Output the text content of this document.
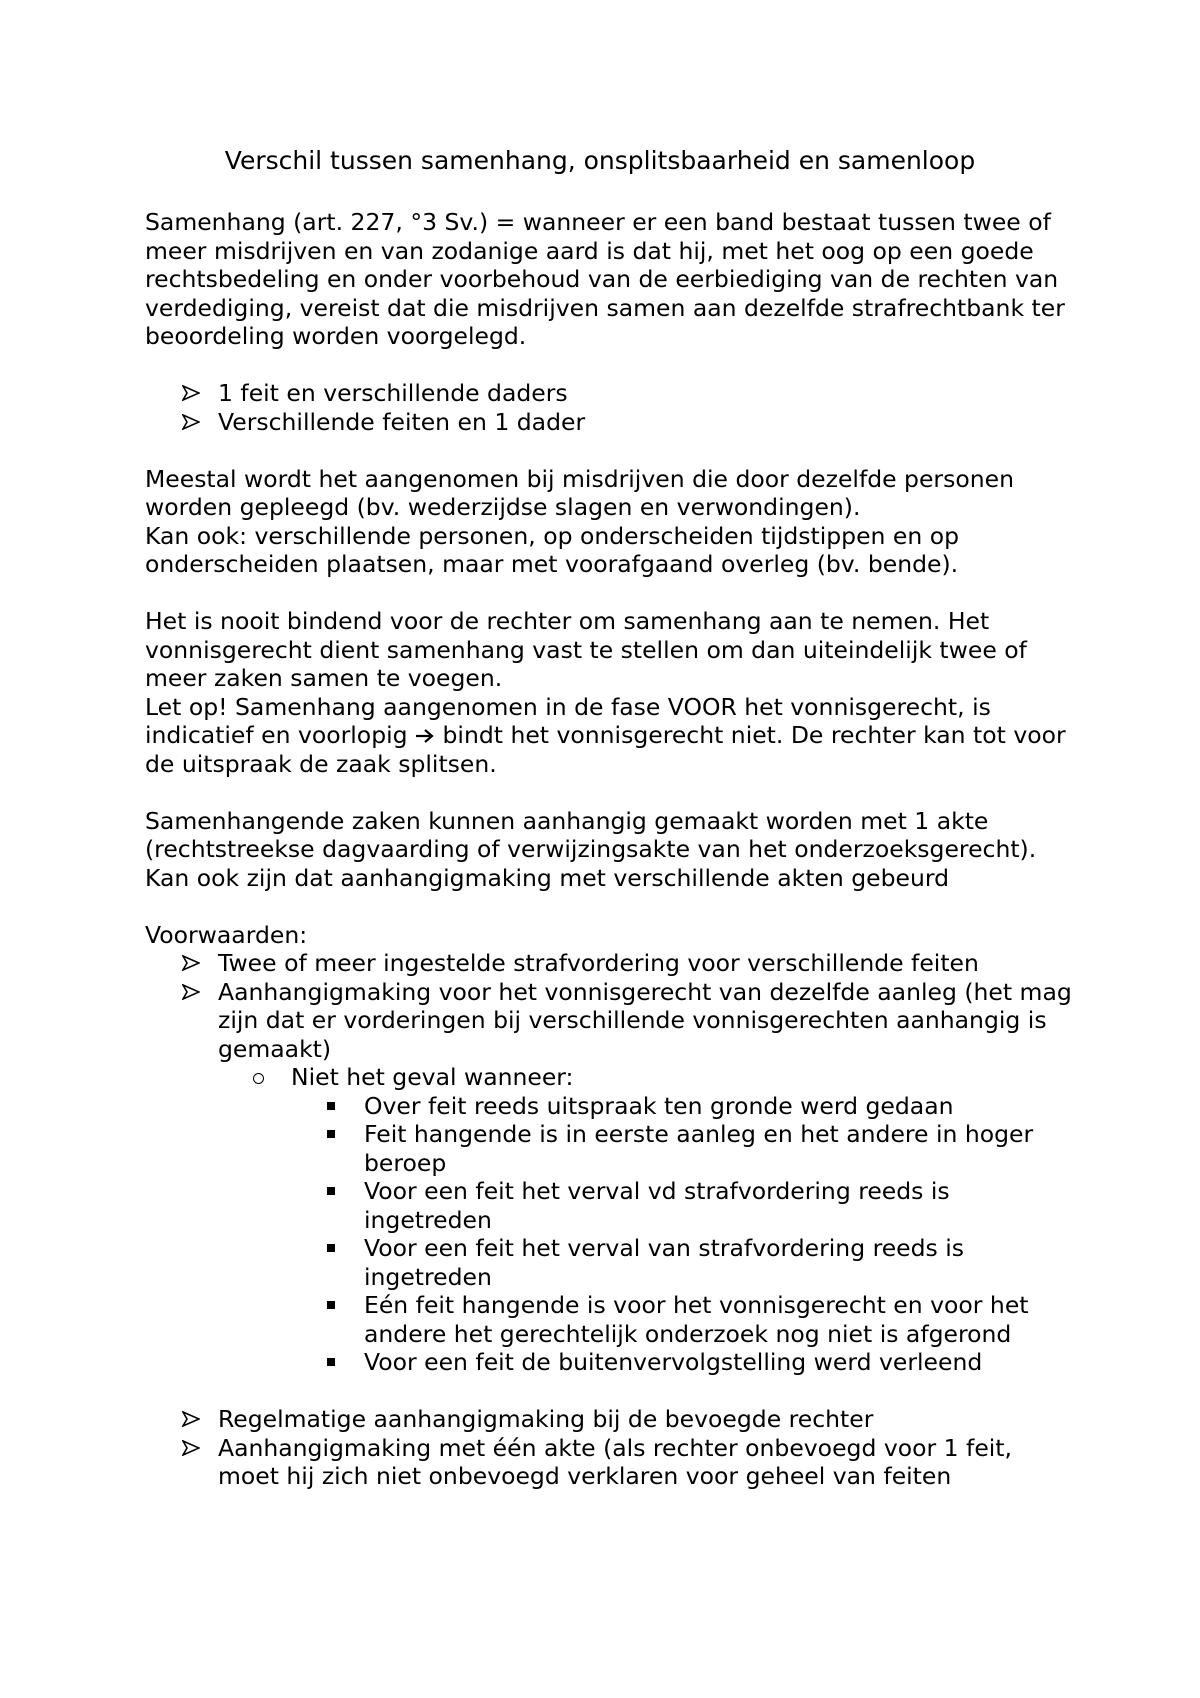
Verschil tussen samenhang, onsplitsbaarheid en samenloop

Samenhang (art. 227, °3 Sv.) = wanneer er een band bestaat tussen twee of meer misdrijven en van zodanige aard is dat hij, met het oog op een goede rechtsbedeling en onder voorbehoud van de eerbiediging van de rechten van verdediging, vereist dat die misdrijven samen aan dezelfde strafrechtbank ter beoordeling worden voorgelegd.

1 feit en verschillende daders
Verschillende feiten en 1 dader

Meestal wordt het aangenomen bij misdrijven die door dezelfde personen worden gepleegd (bv. wederzijdse slagen en verwondingen).

Kan ook: verschillende personen, op onderscheiden tijdstippen en op onderscheiden plaatsen, maar met voorafgaand overleg (bv. bende).

Het is nooit bindend voor de rechter om samenhang aan te nemen. Het vonnisgerecht dient samenhang vast te stellen om dan uiteindelijk twee of meer zaken samen te voegen.

Let op! Samenhang aangenomen in de fase VOOR het vonnisgerecht, is indicatief en voorlopig  bindt het vonnisgerecht niet. De rechter kan tot voor de uitspraak de zaak splitsen.

Samenhangende zaken kunnen aanhangig gemaakt worden met 1 akte (rechtstreekse dagvaarding of verwijzingsakte van het onderzoeksgerecht). Kan ook zijn dat aanhangigmaking met verschillende akten gebeurd

Voorwaarden:

Twee of meer ingestelde strafvordering voor verschillende feiten
Aanhangigmaking voor het vonnisgerecht van dezelfde aanleg (het mag zijn dat er vorderingen bij verschillende vonnisgerechten aanhangig is gemaakt)
Niet het geval wanneer:
Over feit reeds uitspraak ten gronde werd gedaan
Feit hangende is in eerste aanleg en het andere in hoger beroep
Voor een feit het verval vd strafvordering reeds is ingetreden
Voor een feit het verval van strafvordering reeds is ingetreden
Eén feit hangende is voor het vonnisgerecht en voor het andere het gerechtelijk onderzoek nog niet is afgerond
Voor een feit de buitenvervolgstelling werd verleend
Regelmatige aanhangigmaking bij de bevoegde rechter
Aanhangigmaking met één akte (als rechter onbevoegd voor 1 feit, moet hij zich niet onbevoegd verklaren voor geheel van feiten
